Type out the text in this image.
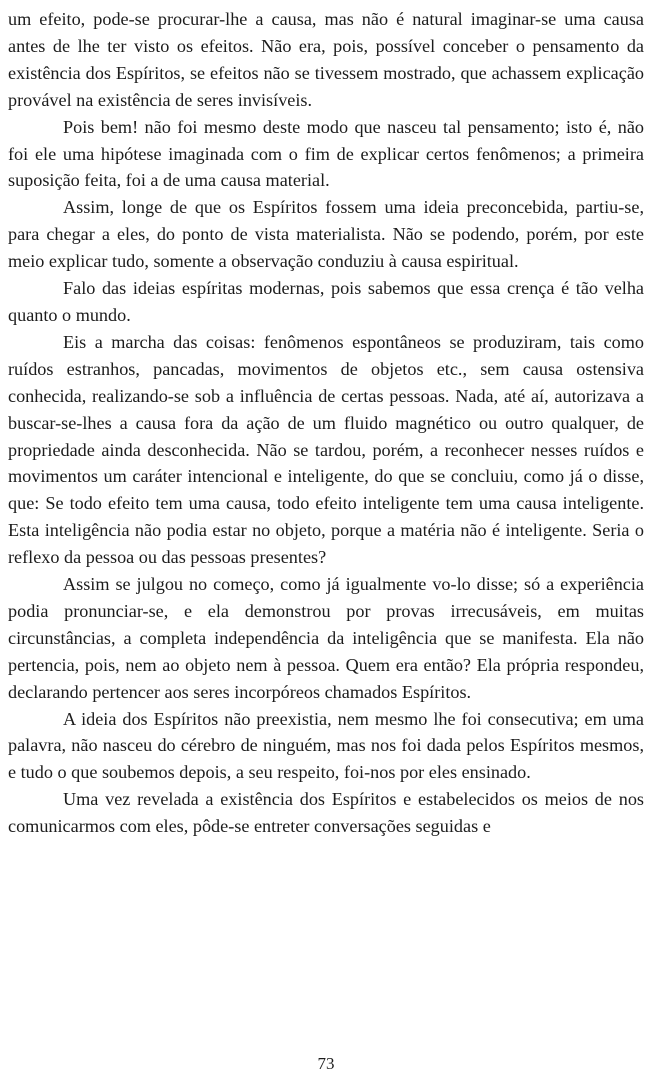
um efeito, pode-se procurar-lhe a causa, mas não é natural imaginar-se uma causa antes de lhe ter visto os efeitos. Não era, pois, possível conceber o pensamento da existência dos Espíritos, se efeitos não se tivessem mostrado, que achassem explicação provável na existência de seres invisíveis.

Pois bem! não foi mesmo deste modo que nasceu tal pensamento; isto é, não foi ele uma hipótese imaginada com o fim de explicar certos fenômenos; a primeira suposição feita, foi a de uma causa material.

Assim, longe de que os Espíritos fossem uma ideia preconcebida, partiu-se, para chegar a eles, do ponto de vista materialista. Não se podendo, porém, por este meio explicar tudo, somente a observação conduziu à causa espiritual.

Falo das ideias espíritas modernas, pois sabemos que essa crença é tão velha quanto o mundo.

Eis a marcha das coisas: fenômenos espontâneos se produziram, tais como ruídos estranhos, pancadas, movimentos de objetos etc., sem causa ostensiva conhecida, realizando-se sob a influência de certas pessoas. Nada, até aí, autorizava a buscar-se-lhes a causa fora da ação de um fluido magnético ou outro qualquer, de propriedade ainda desconhecida. Não se tardou, porém, a reconhecer nesses ruídos e movimentos um caráter intencional e inteligente, do que se concluiu, como já o disse, que: Se todo efeito tem uma causa, todo efeito inteligente tem uma causa inteligente. Esta inteligência não podia estar no objeto, porque a matéria não é inteligente. Seria o reflexo da pessoa ou das pessoas presentes?

Assim se julgou no começo, como já igualmente vo-lo disse; só a experiência podia pronunciar-se, e ela demonstrou por provas irrecusáveis, em muitas circunstâncias, a completa independência da inteligência que se manifesta. Ela não pertencia, pois, nem ao objeto nem à pessoa. Quem era então? Ela própria respondeu, declarando pertencer aos seres incorpóreos chamados Espíritos.

A ideia dos Espíritos não preexistia, nem mesmo lhe foi consecutiva; em uma palavra, não nasceu do cérebro de ninguém, mas nos foi dada pelos Espíritos mesmos, e tudo o que soubemos depois, a seu respeito, foi-nos por eles ensinado.

Uma vez revelada a existência dos Espíritos e estabelecidos os meios de nos comunicarmos com eles, pôde-se entreter conversações seguidas e

73
